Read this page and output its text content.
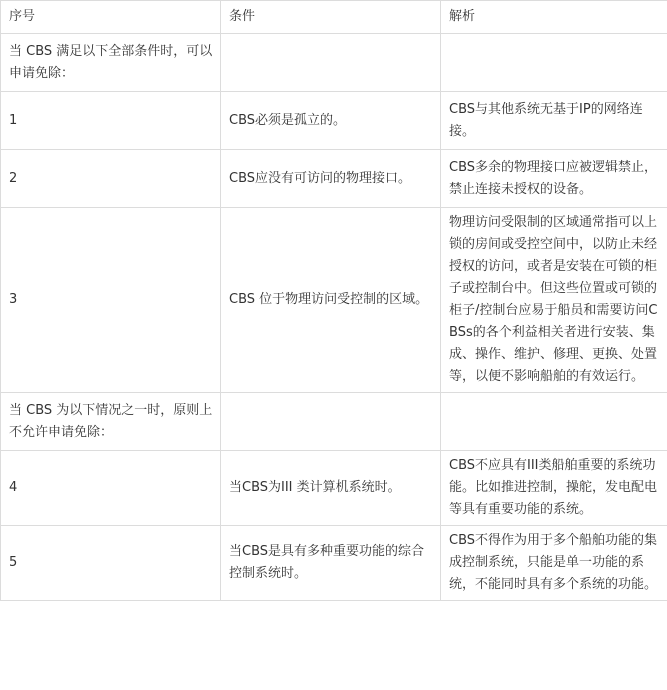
序号	条件	解析
当 CBS 满足以下全部条件时，可以申请免除：		
1	CBS必须是孤立的。	CBS与其他系统无基于IP的网络连接。
2	CBS应没有可访问的物理接口。	CBS多余的物理接口应被逻辑禁止，禁止连接未授权的设备。
3	CBS 位于物理访问受控制的区域。	物理访问受限制的区域通常指可以上锁的房间或受控空间中，以防止未经授权的访问，或者是安装在可锁的柜子或控制台中。但这些位置或可锁的柜子/控制台应易于船员和需要访问CBSs的各个利益相关者进行安装、集成、操作、维护、修理、更换、处置等，以便不影响船舶的有效运行。
当 CBS 为以下情况之一时，原则上不允许申请免除：		
4	当CBS为III 类计算机系统时。	CBS不应具有III类船舶重要的系统功能。比如推进控制，操舵，发电配电等具有重要功能的系统。
5	当CBS是具有多种重要功能的综合控制系统时。	CBS不得作为用于多个船舶功能的集成控制系统，只能是单一功能的系统，不能同时具有多个系统的功能。
